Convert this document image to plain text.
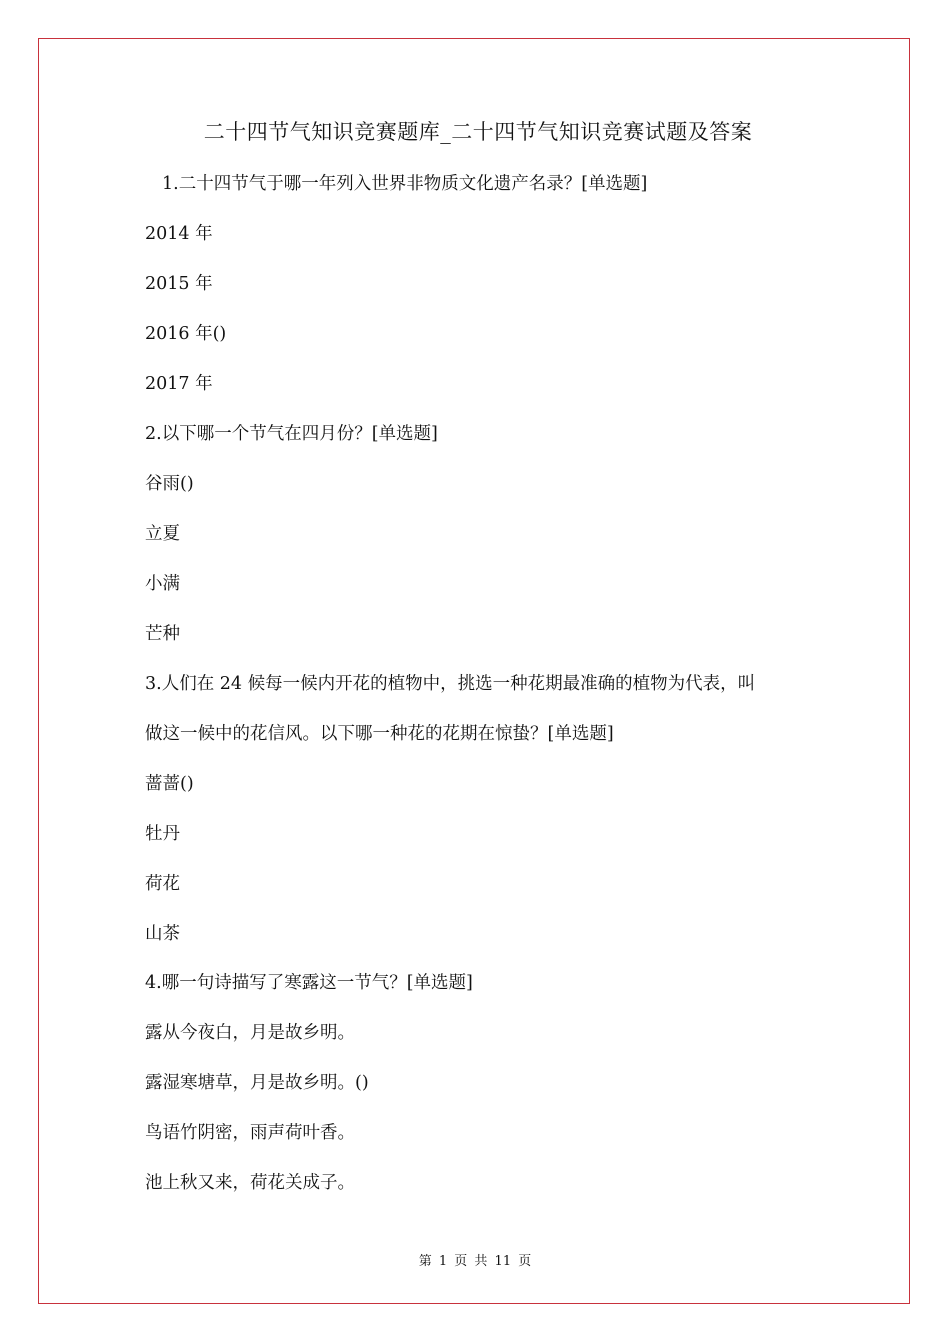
二十四节气知识竞赛题库_二十四节气知识竞赛试题及答案
1.二十四节气于哪一年列入世界非物质文化遗产名录？[单选题]
2014 年
2015 年
2016 年()
2017 年
2.以下哪一个节气在四月份？[单选题]
谷雨()
立夏
小满
芒种
3.人们在 24 候每一候内开花的植物中，挑选一种花期最准确的植物为代表，叫
做这一候中的花信风。以下哪一种花的花期在惊蛰？[单选题]
蔷蔷()
牡丹
荷花
山茶
4.哪一句诗描写了寒露这一节气？[单选题]
露从今夜白，月是故乡明。
露湿寒塘草，月是故乡明。()
鸟语竹阴密，雨声荷叶香。
池上秋又来，荷花关成子。
第 1 页 共 11 页
